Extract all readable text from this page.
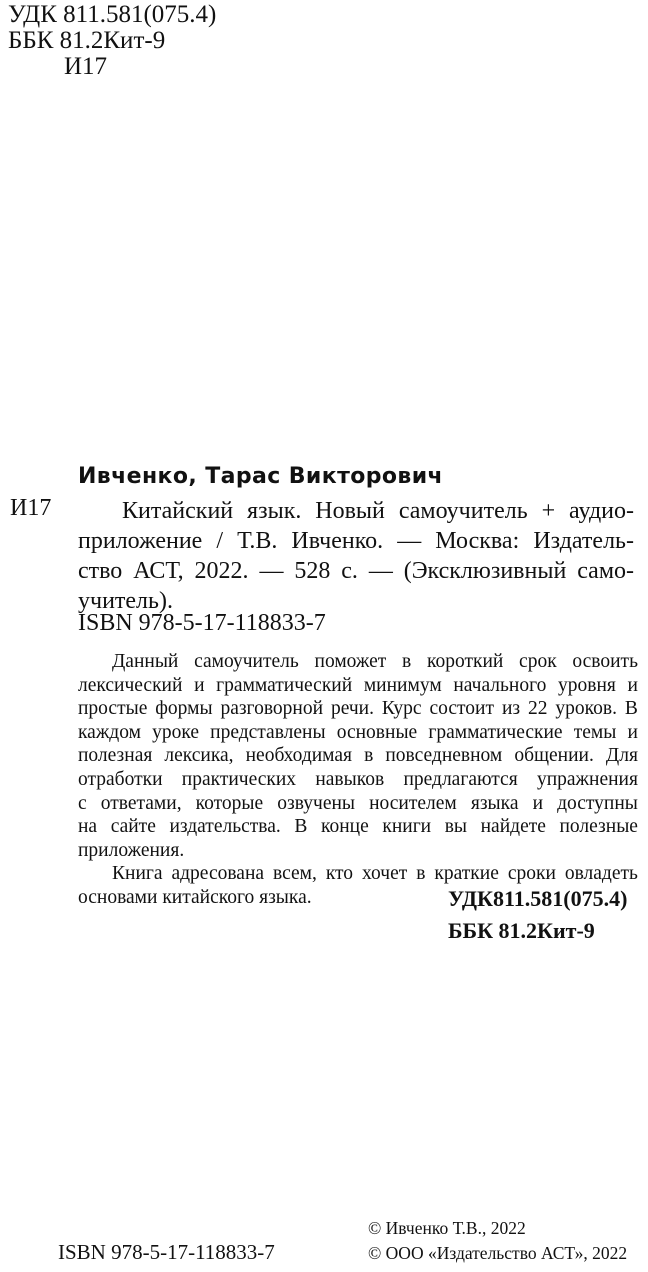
УДК 811.581(075.4)
ББК 81.2Кит-9
И17
Ивченко, Тарас Викторович
И17	Китайский язык. Новый самоучитель + аудио-
приложение / Т.В. Ивченко. — Москва: Издатель-
ство АСТ, 2022. — 528 с. — (Эксклюзивный само-
учитель).
ISBN 978-5-17-118833-7
Данный самоучитель поможет в короткий срок освоить
лексический и грамматический минимум начального уровня и
простые формы разговорной речи. Курс состоит из 22 уроков. В
каждом уроке представлены основные грамматические темы и
полезная лексика, необходимая в повседневном общении. Для
отработки практических навыков предлагаются упражнения
с ответами, которые озвучены носителем языка и доступны
на сайте издательства. В конце книги вы найдете полезные
приложения.
Книга адресована всем, кто хочет в краткие сроки овладеть
основами китайского языка.	УДК811.581(075.4)
ББК 81.2Кит-9
ISBN 978-5-17-118833-7
© Ивченко Т.В., 2022
© ООО «Издательство АСТ», 2022
